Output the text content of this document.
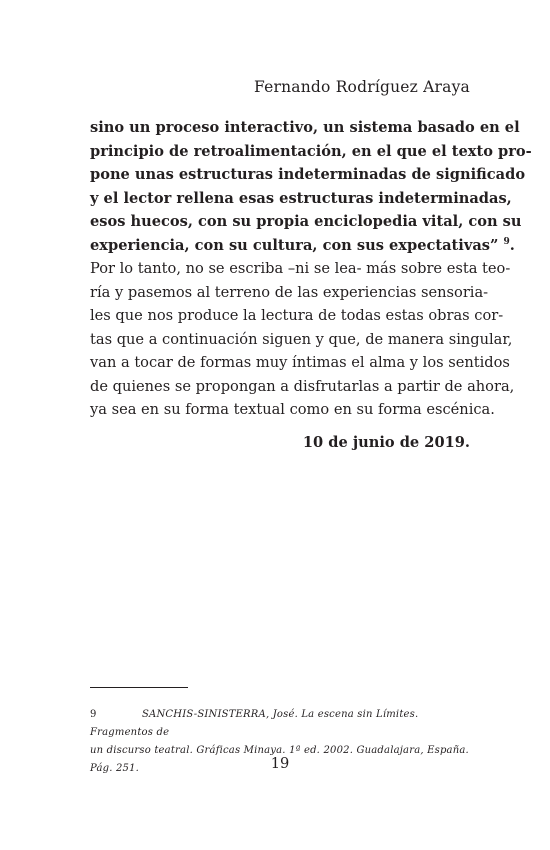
Fernando Rodríguez Araya

sino un proceso interactivo, un sistema basado en el
principio de retroalimentación, en el que el texto pro-
pone unas estructuras indeterminadas de significado
y el lector rellena esas estructuras indeterminadas,
esos huecos, con su propia enciclopedia vital, con su
experiencia, con su cultura, con sus expectativas” $^9$.

Por lo tanto, no se escriba –ni se lea- más sobre esta teo-
ría y pasemos al terreno de las experiencias sensoria-
les que nos produce la lectura de todas estas obras cor-
tas que a continuación siguen y que, de manera singular,
van a tocar de formas muy íntimas el alma y los sentidos
de quienes se propongan a disfrutarlas a partir de ahora,
ya sea en su forma textual como en su forma escénica.

10 de junio de 2019.

9	SANCHIS-SINISTERRA, José. La escena sin Límites. Fragmentos de
un discurso teatral. Gráficas Minaya. 1ª ed. 2002. Guadalajara, España. Pág. 251.	19
